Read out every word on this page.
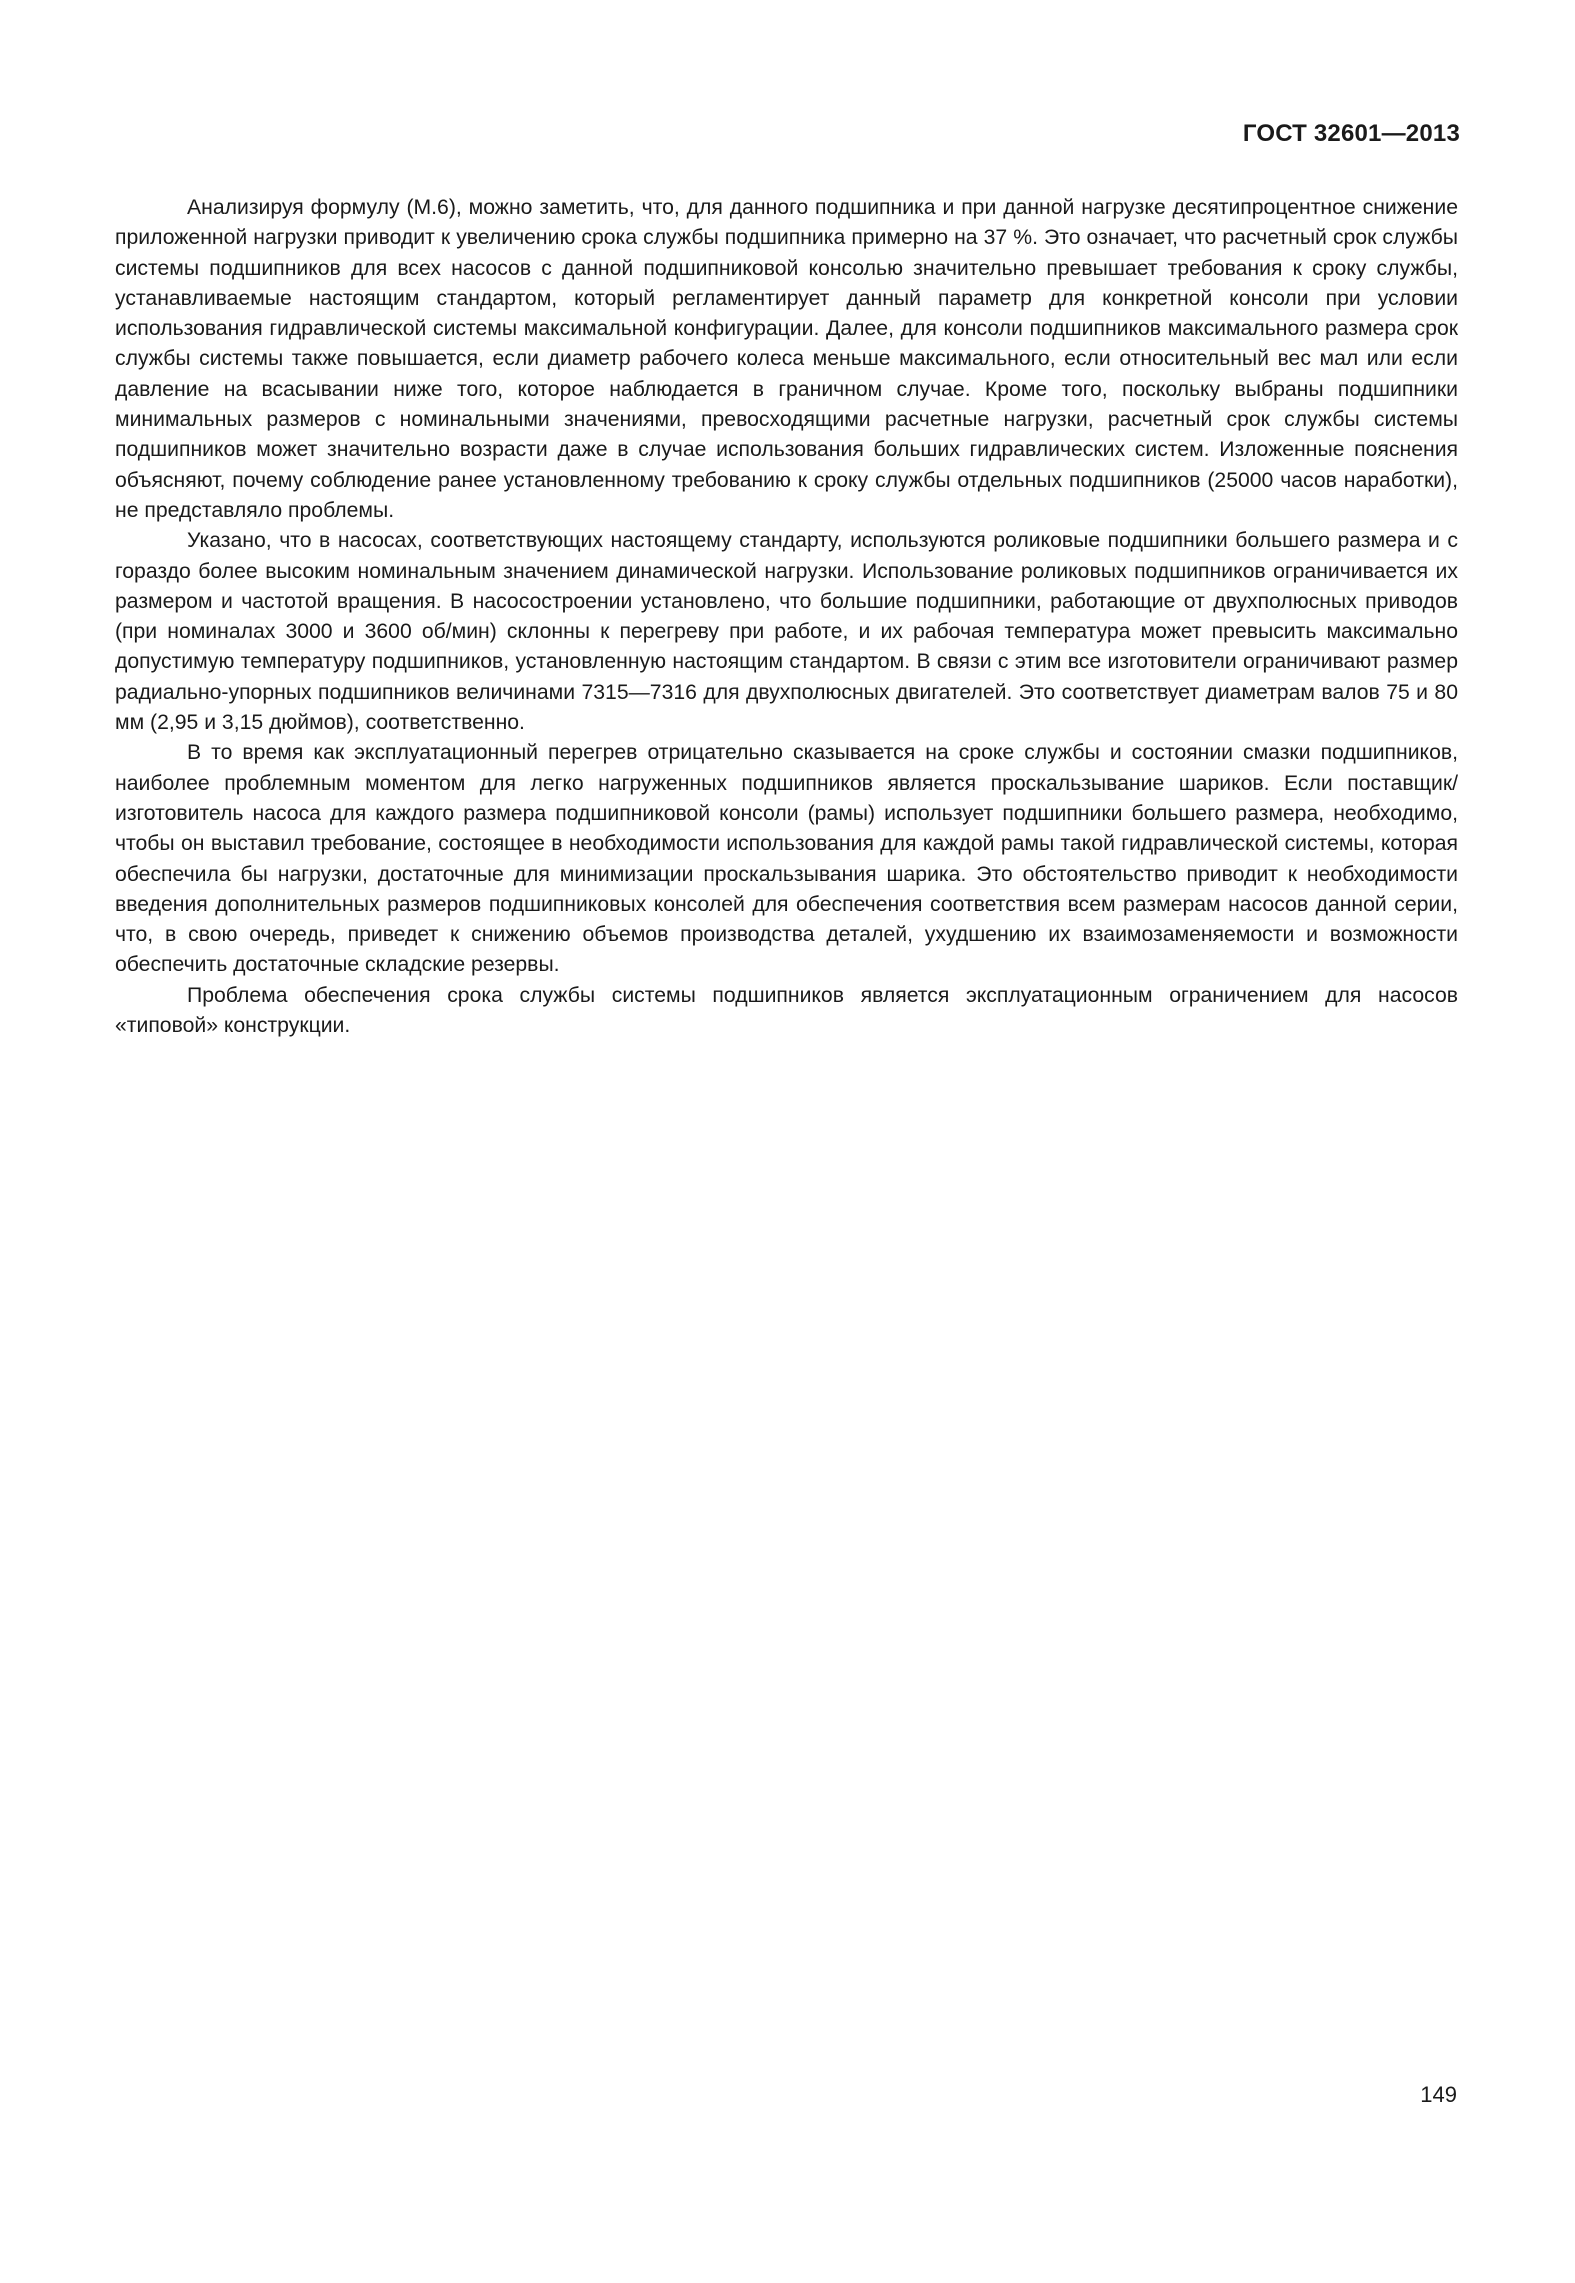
ГОСТ 32601—2013

Анализируя формулу (М.6), можно заметить, что, для данного подшипника и при данной нагрузке десятипроцентное снижение приложенной нагрузки приводит к увеличению срока службы подшипника примерно на 37 %. Это означает, что расчетный срок службы системы подшипников для всех насосов с данной подшипниковой консолью значительно превышает требования к сроку службы, устанавливаемые настоящим стандартом, который регламентирует данный параметр для конкретной консоли при условии использования гидравлической системы максимальной конфигурации. Далее, для консоли подшипников максимального размера срок службы системы также повышается, если диаметр рабочего колеса меньше максимального, если относительный вес мал или если давление на всасывании ниже того, которое наблюдается в граничном случае. Кроме того, поскольку выбраны подшипники минимальных размеров с номинальными значениями, превосходящими расчетные нагрузки, расчетный срок службы системы подшипников может значительно возрасти даже в случае использования больших гидравлических систем. Изложенные пояснения объясняют, почему соблюдение ранее установленному требованию к сроку службы отдельных подшипников (25000 часов наработки), не представляло проблемы.

Указано, что в насосах, соответствующих настоящему стандарту, используются роликовые подшипники большего размера и с гораздо более высоким номинальным значением динамической нагрузки. Использование роликовых подшипников ограничивается их размером и частотой вращения. В насосостроении установлено, что большие подшипники, работающие от двухполюсных приводов (при номиналах 3000 и 3600 об/мин) склонны к перегреву при работе, и их рабочая температура может превысить максимально допустимую температуру подшипников, установленную настоящим стандартом. В связи с этим все изготовители ограничивают размер радиально-упорных подшипников величинами 7315—7316 для двухполюсных двигателей. Это соответствует диаметрам валов 75 и 80 мм (2,95 и 3,15 дюймов), соответственно.

В то время как эксплуатационный перегрев отрицательно сказывается на сроке службы и состоянии смазки подшипников, наиболее проблемным моментом для легко нагруженных подшипников является проскальзывание шариков. Если поставщик/изготовитель насоса для каждого размера подшипниковой консоли (рамы) использует подшипники большего размера, необходимо, чтобы он выставил требование, состоящее в необходимости использования для каждой рамы такой гидравлической системы, которая обеспечила бы нагрузки, достаточные для минимизации проскальзывания шарика. Это обстоятельство приводит к необходимости введения дополнительных размеров подшипниковых консолей для обеспечения соответствия всем размерам насосов данной серии, что, в свою очередь, приведет к снижению объемов производства деталей, ухудшению их взаимозаменяемости и возможности обеспечить достаточные складские резервы.

Проблема обеспечения срока службы системы подшипников является эксплуатационным ограничением для насосов «типовой» конструкции.

149
